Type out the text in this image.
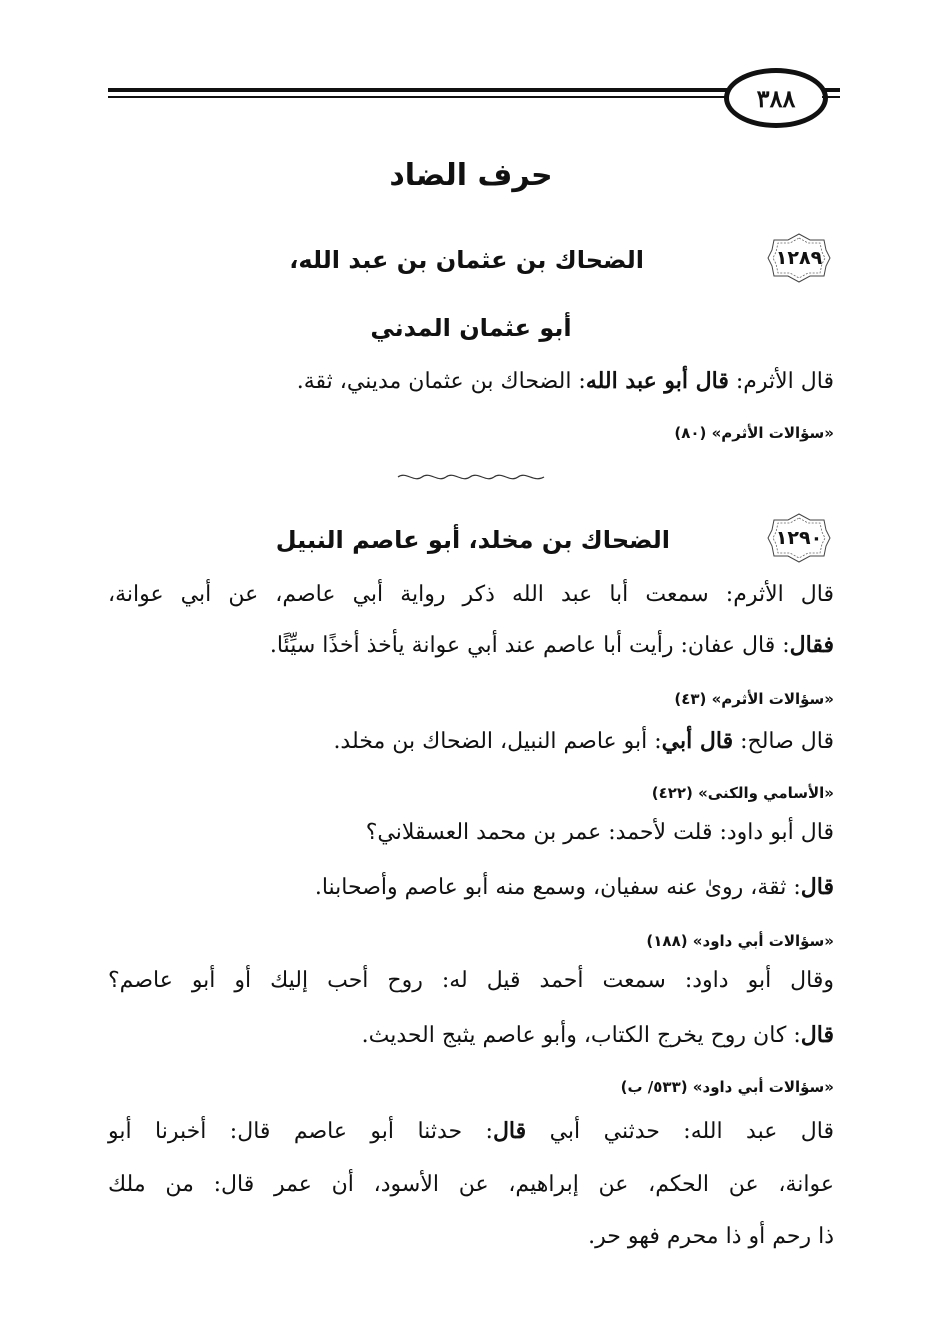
٣٨٨
حرف الضاد
١٢٨٩
الضحاك بن عثمان بن عبد الله،
أبو عثمان المدني
قال الأثرم: قال أبو عبد الله: الضحاك بن عثمان مديني، ثقة.
«سؤالات الأثرم» (٨٠)
١٢٩٠
الضحاك بن مخلد، أبو عاصم النبيل
قال الأثرم: سمعت أبا عبد الله ذكر رواية أبي عاصم، عن أبي عوانة،
فقال: قال عفان: رأيت أبا عاصم عند أبي عوانة يأخذ أخذًا سيِّئًا.
«سؤالات الأثرم» (٤٣)
قال صالح: قال أبي: أبو عاصم النبيل، الضحاك بن مخلد.
«الأسامي والكنى» (٤٢٢)
قال أبو داود: قلت لأحمد: عمر بن محمد العسقلاني؟
قال: ثقة، روىٰ عنه سفيان، وسمع منه أبو عاصم وأصحابنا.
«سؤالات أبي داود» (١٨٨)
وقال أبو داود: سمعت أحمد قيل له: روح أحب إليك أو أبو عاصم؟
قال: كان روح يخرج الكتاب، وأبو عاصم يثبج الحديث.
«سؤالات أبي داود» (٥٣٣/ ب)
قال عبد الله: حدثني أبي قال: حدثنا أبو عاصم قال: أخبرنا أبو
عوانة، عن الحكم، عن إبراهيم، عن الأسود، أن عمر قال: من ملك
ذا رحم أو ذا محرم فهو حر.
